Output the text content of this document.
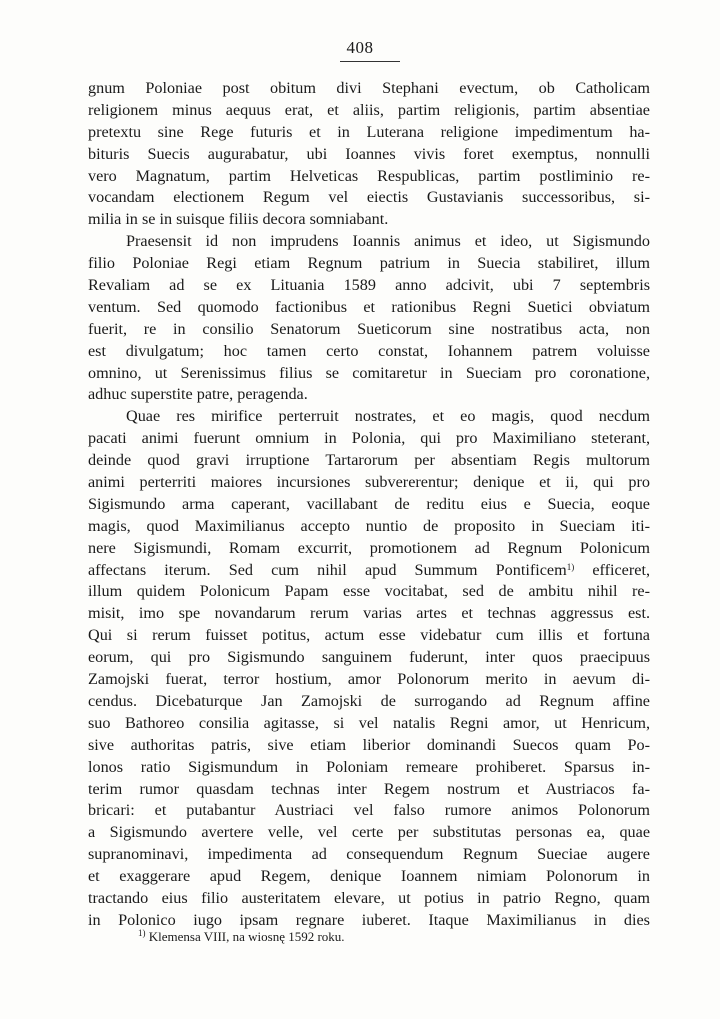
408
gnum Poloniae post obitum divi Stephani evectum, ob Catholicam
religionem minus aequus erat, et aliis, partim religionis, partim absentiae
pretextu sine Rege futuris et in Luterana religione impedimentum ha-
bituris Suecis augurabatur, ubi Ioannes vivis foret exemptus, nonnulli
vero Magnatum, partim Helveticas Respublicas, partim postliminio re-
vocandam electionem Regum vel eiectis Gustavianis successoribus, si-
milia in se in suisque filiis decora somniabant.
Praesensit id non imprudens Ioannis animus et ideo, ut Sigismundo
filio Poloniae Regi etiam Regnum patrium in Suecia stabiliret, illum
Revaliam ad se ex Lituania 1589 anno adcivit, ubi 7 septembris
ventum. Sed quomodo factionibus et rationibus Regni Suetici obviatum
fuerit, re in consilio Senatorum Sueticorum sine nostratibus acta, non
est divulgatum; hoc tamen certo constat, Iohannem patrem voluisse
omnino, ut Serenissimus filius se comitaretur in Sueciam pro coronatione,
adhuc superstite patre, peragenda.
Quae res mirifice perterruit nostrates, et eo magis, quod necdum
pacati animi fuerunt omnium in Polonia, qui pro Maximiliano steterant,
deinde quod gravi irruptione Tartarorum per absentiam Regis multorum
animi perterriti maiores incursiones subvererentur; denique et ii, qui pro
Sigismundo arma caperant, vacillabant de reditu eius e Suecia, eoque
magis, quod Maximilianus accepto nuntio de proposito in Sueciam iti-
nere Sigismundi, Romam excurrit, promotionem ad Regnum Polonicum
affectans iterum. Sed cum nihil apud Summum Pontificem$^{1)}$ efficeret,
illum quidem Polonicum Papam esse vocitabat, sed de ambitu nihil re-
misit, imo spe novandarum rerum varias artes et technas aggressus est.
Qui si rerum fuisset potitus, actum esse videbatur cum illis et fortuna
eorum, qui pro Sigismundo sanguinem fuderunt, inter quos praecipuus
Zamojski fuerat, terror hostium, amor Polonorum merito in aevum di-
cendus. Dicebaturque Jan Zamojski de surrogando ad Regnum affine
suo Bathoreo consilia agitasse, si vel natalis Regni amor, ut Henricum,
sive authoritas patris, sive etiam liberior dominandi Suecos quam Po-
lonos ratio Sigismundum in Poloniam remeare prohiberet. Sparsus in-
terim rumor quasdam technas inter Regem nostrum et Austriacos fa-
bricari: et putabantur Austriaci vel falso rumore animos Polonorum
a Sigismundo avertere velle, vel certe per substitutas personas ea, quae
supranominavi, impedimenta ad consequendum Regnum Sueciae augere
et exaggerare apud Regem, denique Ioannem nimiam Polonorum in
tractando eius filio austeritatem elevare, ut potius in patrio Regno, quam
in Polonico iugo ipsam regnare iuberet. Itaque Maximilianus in dies
$^{1)}$ Klemensa VIII, na wiosnę 1592 roku.
